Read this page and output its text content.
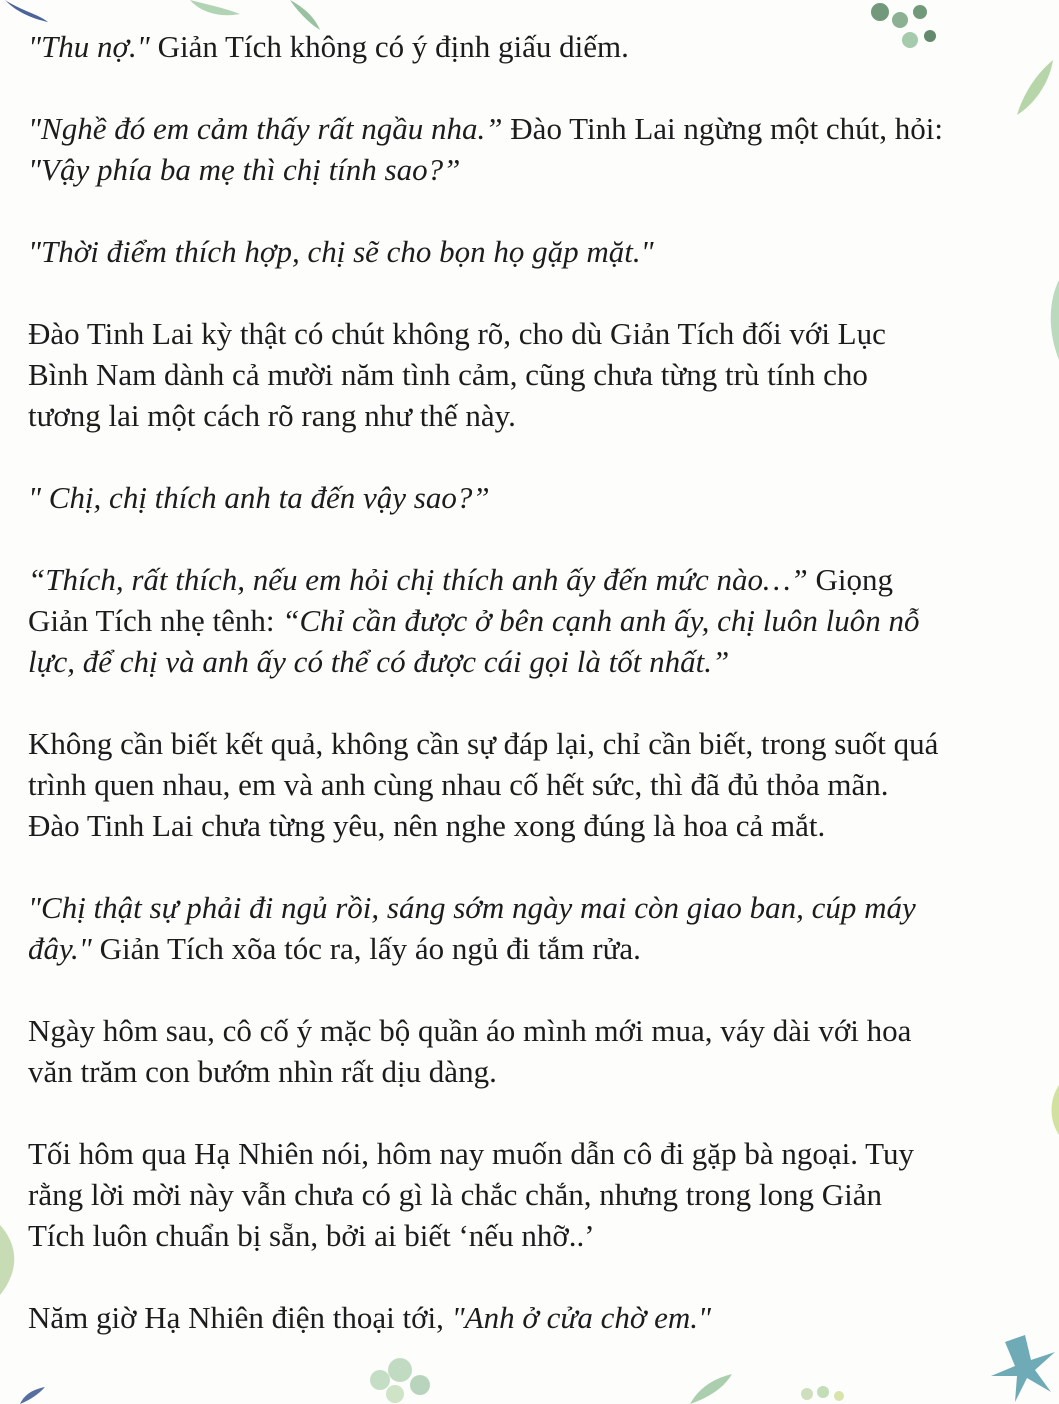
"Thu nợ." Giản Tích không có ý định giấu diếm.
"Nghề đó em cảm thấy rất ngầu nha.” Đào Tinh Lai ngừng một chút, hỏi:
"Vậy phía ba mẹ thì chị tính sao?”
"Thời điểm thích hợp, chị sẽ cho bọn họ gặp mặt."
Đào Tinh Lai kỳ thật có chút không rõ, cho dù Giản Tích đối với Lục
Bình Nam dành cả mười năm tình cảm, cũng chưa từng trù tính cho
tương lai một cách rõ rang như thế này.
" Chị, chị thích anh ta đến vậy sao?”
“Thích, rất thích, nếu em hỏi chị thích anh ấy đến mức nào…” Giọng
Giản Tích nhẹ tênh: “Chỉ cần được ở bên cạnh anh ấy, chị luôn luôn nỗ
lực, để chị và anh ấy có thể có được cái gọi là tốt nhất.”
Không cần biết kết quả, không cần sự đáp lại, chỉ cần biết, trong suốt quá
trình quen nhau, em và anh cùng nhau cố hết sức, thì đã đủ thỏa mãn.
Đào Tinh Lai chưa từng yêu, nên nghe xong đúng là hoa cả mắt.
"Chị thật sự phải đi ngủ rồi, sáng sớm ngày mai còn giao ban, cúp máy
đây." Giản Tích xõa tóc ra, lấy áo ngủ đi tắm rửa.
Ngày hôm sau, cô cố ý mặc bộ quần áo mình mới mua, váy dài với hoa
văn trăm con bướm nhìn rất dịu dàng.
Tối hôm qua Hạ Nhiên nói, hôm nay muốn dẫn cô đi gặp bà ngoại. Tuy
rằng lời mời này vẫn chưa có gì là chắc chắn, nhưng trong long Giản
Tích luôn chuẩn bị sẵn, bởi ai biết ‘nếu nhỡ..’
Năm giờ Hạ Nhiên điện thoại tới, "Anh ở cửa chờ em."
